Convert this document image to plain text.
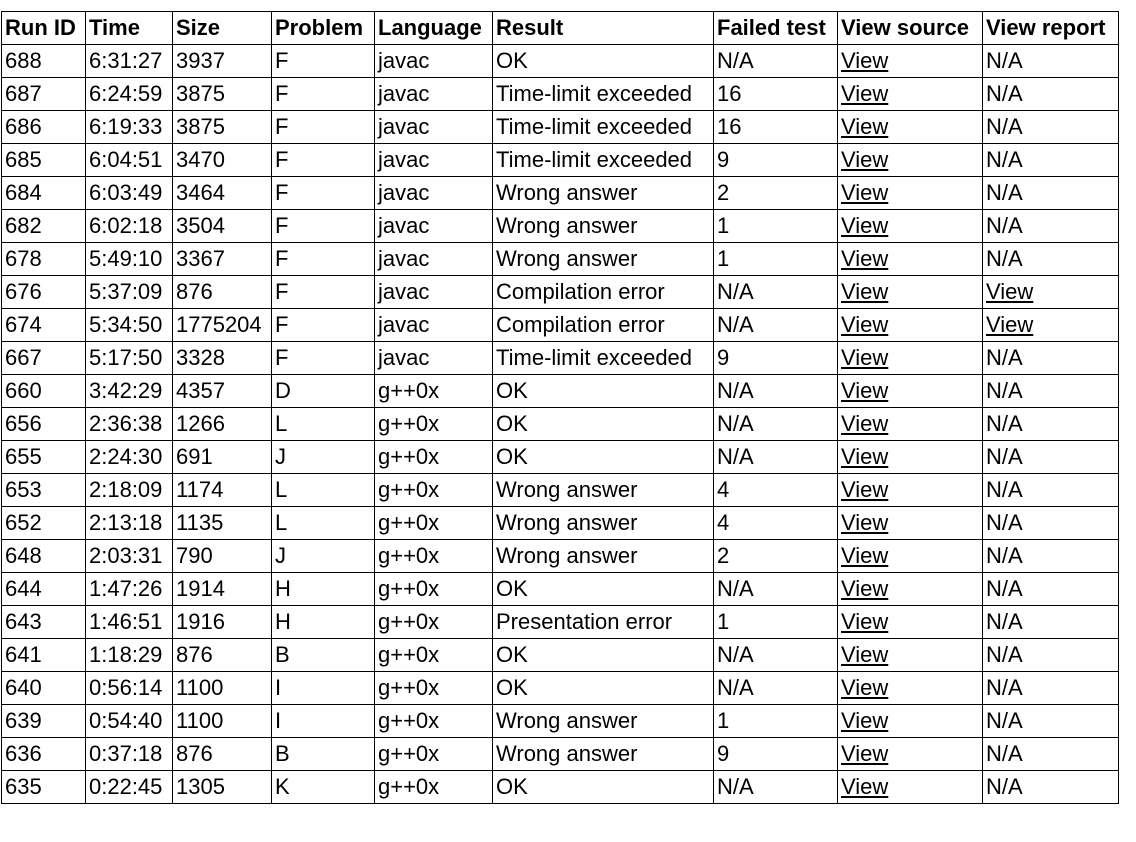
Run ID	Time	Size	Problem	Language	Result	Failed test	View source	View report
688	6:31:27	3937	F	javac	OK	N/A	View	N/A
687	6:24:59	3875	F	javac	Time-limit exceeded	16	View	N/A
686	6:19:33	3875	F	javac	Time-limit exceeded	16	View	N/A
685	6:04:51	3470	F	javac	Time-limit exceeded	9	View	N/A
684	6:03:49	3464	F	javac	Wrong answer	2	View	N/A
682	6:02:18	3504	F	javac	Wrong answer	1	View	N/A
678	5:49:10	3367	F	javac	Wrong answer	1	View	N/A
676	5:37:09	876	F	javac	Compilation error	N/A	View	View
674	5:34:50	1775204	F	javac	Compilation error	N/A	View	View
667	5:17:50	3328	F	javac	Time-limit exceeded	9	View	N/A
660	3:42:29	4357	D	g++0x	OK	N/A	View	N/A
656	2:36:38	1266	L	g++0x	OK	N/A	View	N/A
655	2:24:30	691	J	g++0x	OK	N/A	View	N/A
653	2:18:09	1174	L	g++0x	Wrong answer	4	View	N/A
652	2:13:18	1135	L	g++0x	Wrong answer	4	View	N/A
648	2:03:31	790	J	g++0x	Wrong answer	2	View	N/A
644	1:47:26	1914	H	g++0x	OK	N/A	View	N/A
643	1:46:51	1916	H	g++0x	Presentation error	1	View	N/A
641	1:18:29	876	B	g++0x	OK	N/A	View	N/A
640	0:56:14	1100	I	g++0x	OK	N/A	View	N/A
639	0:54:40	1100	I	g++0x	Wrong answer	1	View	N/A
636	0:37:18	876	B	g++0x	Wrong answer	9	View	N/A
635	0:22:45	1305	K	g++0x	OK	N/A	View	N/A
